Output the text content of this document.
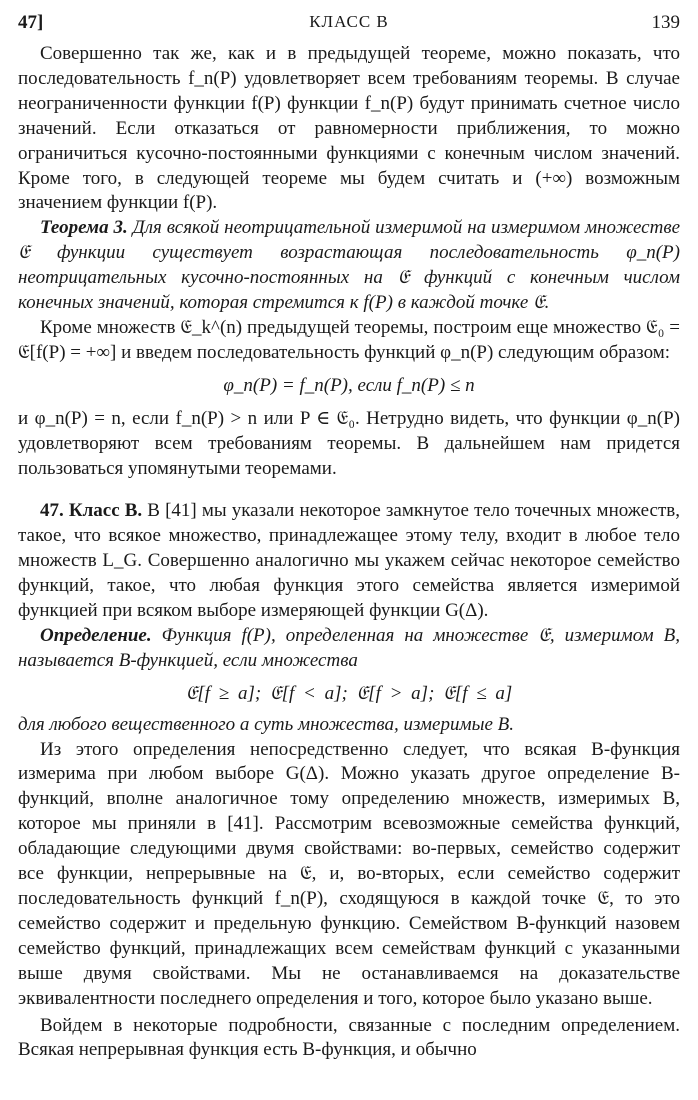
47]	КЛАСС B	139

Совершенно так же, как и в предыдущей теореме, можно показать, что последовательность f_n(P) удовлетворяет всем требованиям теоремы. В случае неограниченности функции f(P) функции f_n(P) будут принимать счетное число значений. Если отказаться от равномерности приближения, то можно ограничиться кусочно-постоянными функциями с конечным числом значений. Кроме того, в следующей теореме мы будем считать и (+∞) возможным значением функции f(P).

Теорема 3. Для всякой неотрицательной измеримой на измеримом множестве 𝔈 функции существует возрастающая последовательность φ_n(P) неотрицательных кусочно-постоянных на 𝔈 функций с конечным числом конечных значений, которая стремится к f(P) в каждой точке 𝔈.

Кроме множеств 𝔈_k^(n) предыдущей теоремы, построим еще множество 𝔈₀ = 𝔈[f(P) = +∞] и введем последовательность функций φ_n(P) следующим образом:

φ_n(P) = f_n(P), если f_n(P) ≤ n

и φ_n(P) = n, если f_n(P) > n или P ∈ 𝔈₀. Нетрудно видеть, что функции φ_n(P) удовлетворяют всем требованиям теоремы. В дальнейшем нам придется пользоваться упомянутыми теоремами.

47. Класс B. В [41] мы указали некоторое замкнутое тело точечных множеств, такое, что всякое множество, принадлежащее этому телу, входит в любое тело множеств L_G. Совершенно аналогично мы укажем сейчас некоторое семейство функций, такое, что любая функция этого семейства является измеримой функцией при всяком выборе измеряющей функции G(Δ).

Определение. Функция f(P), определенная на множестве 𝔈, измеримом B, называется B-функцией, если множества

𝔈[f ≥ a]; 𝔈[f < a]; 𝔈[f > a]; 𝔈[f ≤ a]

для любого вещественного a суть множества, измеримые B.

Из этого определения непосредственно следует, что всякая B-функция измерима при любом выборе G(Δ). Можно указать другое определение B-функций, вполне аналогичное тому определению множеств, измеримых B, которое мы приняли в [41]. Рассмотрим всевозможные семейства функций, обладающие следующими двумя свойствами: во-первых, семейство содержит все функции, непрерывные на 𝔈, и, во-вторых, если семейство содержит последовательность функций f_n(P), сходящуюся в каждой точке 𝔈, то это семейство содержит и предельную функцию. Семейством B-функций назовем семейство функций, принадлежащих всем семействам функций с указанными выше двумя свойствами. Мы не останавливаемся на доказательстве эквивалентности последнего определения и того, которое было указано выше.

Войдем в некоторые подробности, связанные с последним определением. Всякая непрерывная функция есть B-функция, и обычно
